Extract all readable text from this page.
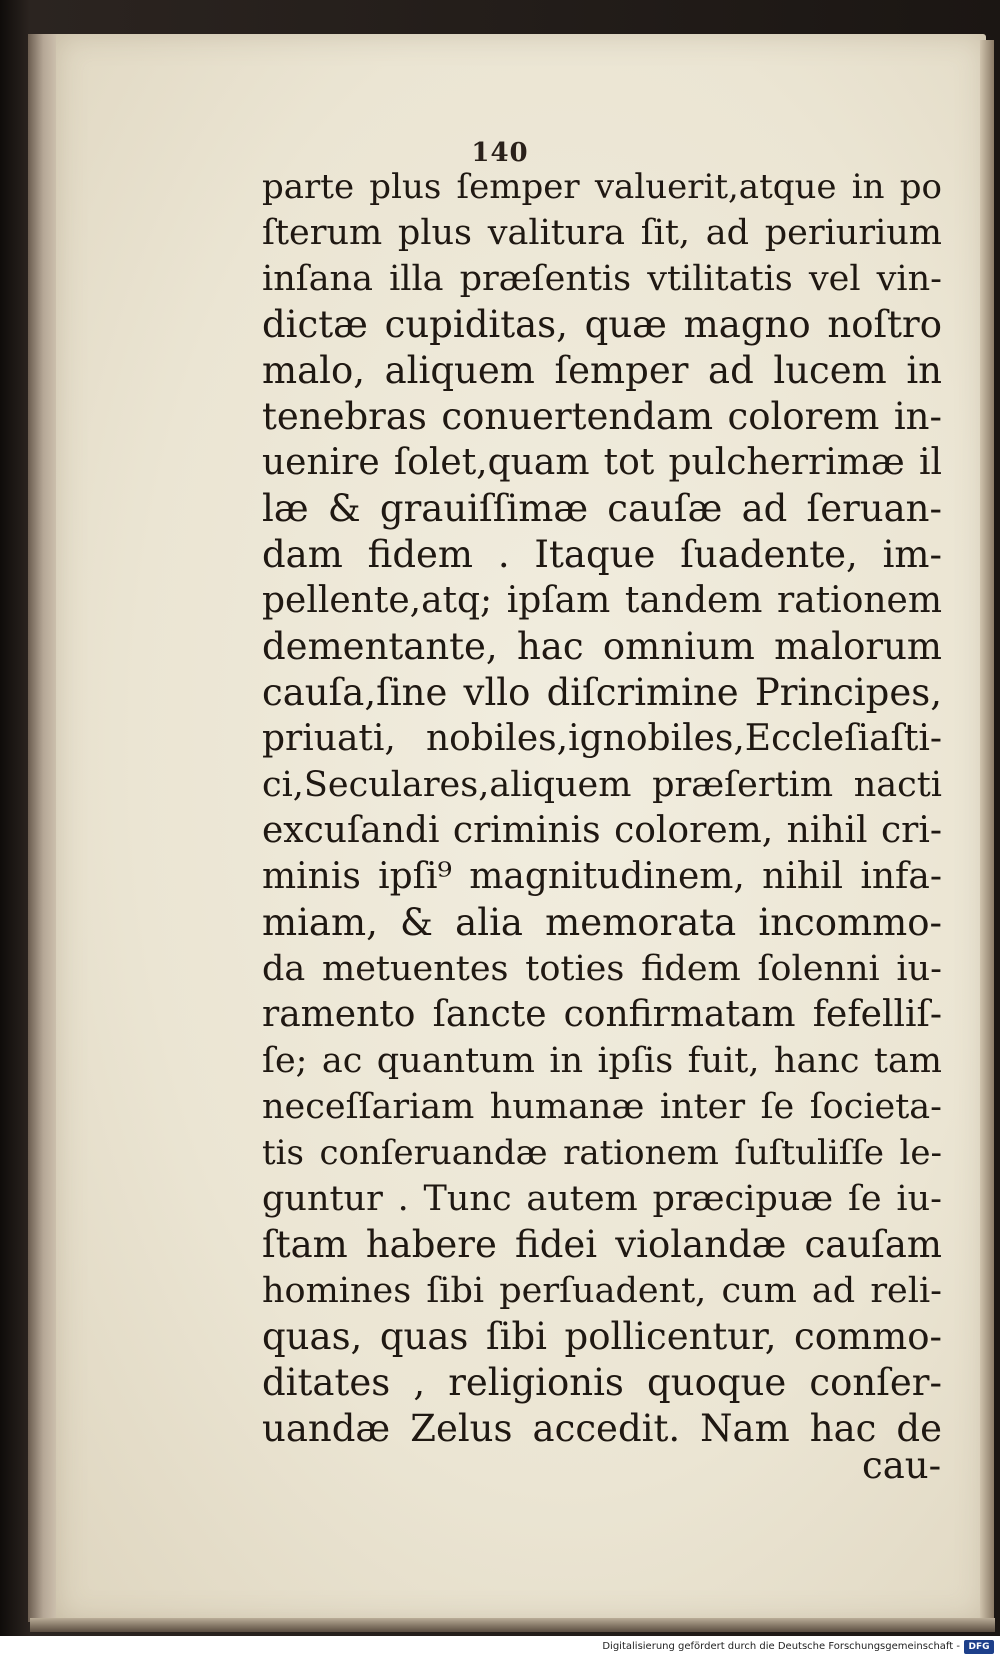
140
parte plus ſemper valuerit,atque in po
ſterum plus valitura ſit, ad periurium
inſana illa præſentis vtilitatis vel vin-
dictæ cupiditas, quæ magno noſtro
malo, aliquem ſemper ad lucem in
tenebras conuertendam colorem in-
uenire ſolet,quam tot pulcherrimæ il
læ & grauiſſimæ cauſæ ad ſeruan-
dam fidem . Itaque ſuadente, im-
pellente,atq; ipſam tandem rationem
dementante, hac omnium malorum
cauſa,ſine vllo diſcrimine Principes,
priuati, nobiles,ignobiles,Eccleſiaſti-
ci,Seculares,aliquem præſertim nacti
excuſandi criminis colorem, nihil cri-
minis ipſi⁹ magnitudinem, nihil infa-
miam, & alia memorata incommo-
da metuentes toties fidem ſolenni iu-
ramento ſancte confirmatam fefelliſ-
ſe; ac quantum in ipſis fuit, hanc tam
neceſſariam humanæ inter ſe ſocieta-
tis conſeruandæ rationem ſuſtuliſſe le-
guntur . Tunc autem præcipuæ ſe iu-
ſtam habere fidei violandæ cauſam
homines ſibi perſuadent, cum ad reli-
quas, quas ſibi pollicentur, commo-
ditates , religionis quoque conſer-
uandæ Zelus accedit. Nam hac de
cau-
Digitalisierung gefördert durch die Deutsche Forschungsgemeinschaft - DFG
